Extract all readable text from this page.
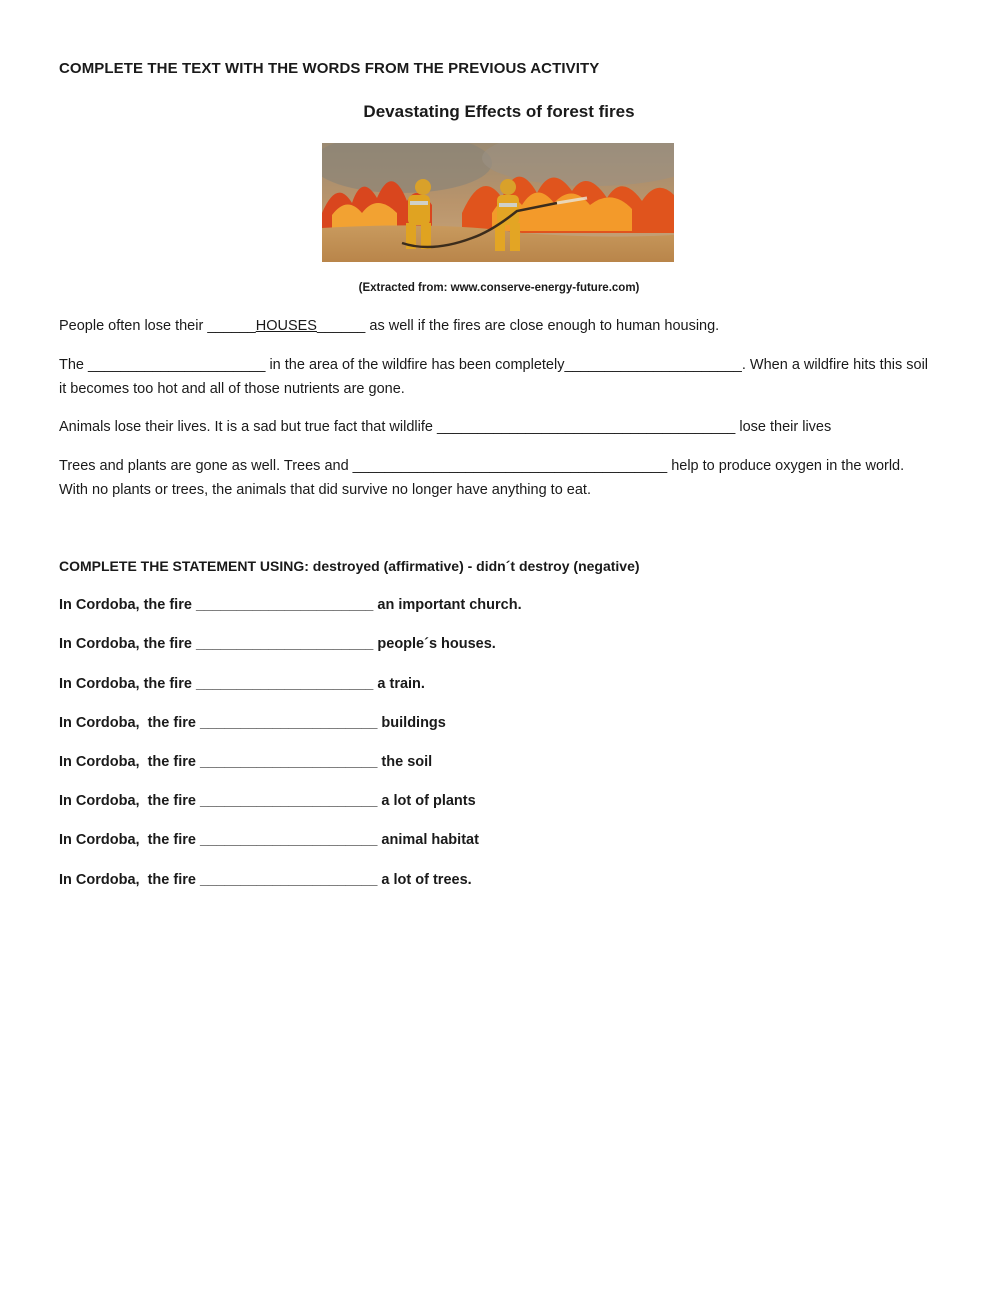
COMPLETE THE TEXT WITH THE WORDS FROM THE PREVIOUS ACTIVITY
Devastating Effects of forest fires
(Extracted from: www.conserve-energy-future.com)

People often lose their ______HOUSES______ as well if the fires are close enough to human housing.

The ______________________ in the area of the wildfire has been completely______________________. When a wildfire hits this soil it becomes too hot and all of those nutrients are gone.

Animals lose their lives. It is a sad but true fact that wildlife _____________________________________ lose their lives

Trees and plants are gone as well. Trees and _______________________________________ help to produce oxygen in the world. With no plants or trees, the animals that did survive no longer have anything to eat.

COMPLETE THE STATEMENT USING: destroyed (affirmative) - didn´t destroy (negative)
In Cordoba, the fire ______________________ an important church.
In Cordoba, the fire ______________________ people´s houses.
In Cordoba, the fire ______________________ a train.
In Cordoba,  the fire ______________________ buildings
In Cordoba,  the fire ______________________ the soil
In Cordoba,  the fire ______________________ a lot of plants
In Cordoba,  the fire ______________________ animal habitat
In Cordoba,  the fire ______________________ a lot of trees.
